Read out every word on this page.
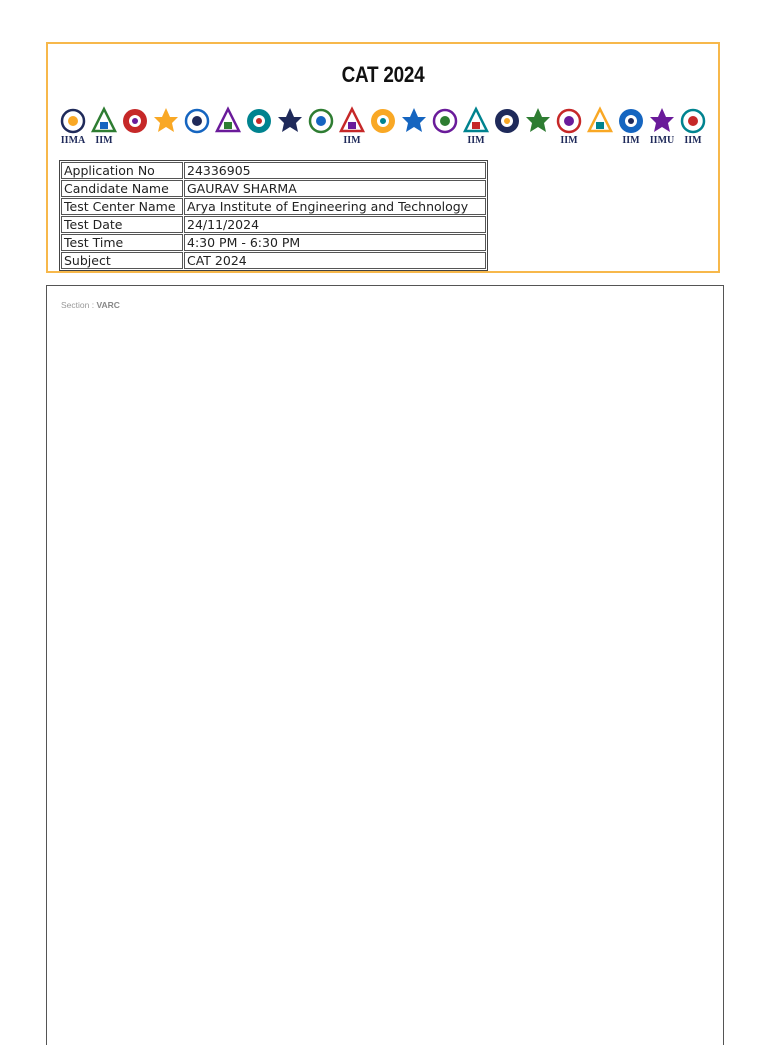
CAT 2024
IIMA IIM	IIM	IIM	IIM	IIM IIMU IIM
Application No	24336905
Candidate Name	GAURAV SHARMA
Test Center Name	Arya Institute of Engineering and Technology
Test Date	24/11/2024
Test Time	4:30 PM - 6:30 PM
Subject	CAT 2024
Section : VARC
